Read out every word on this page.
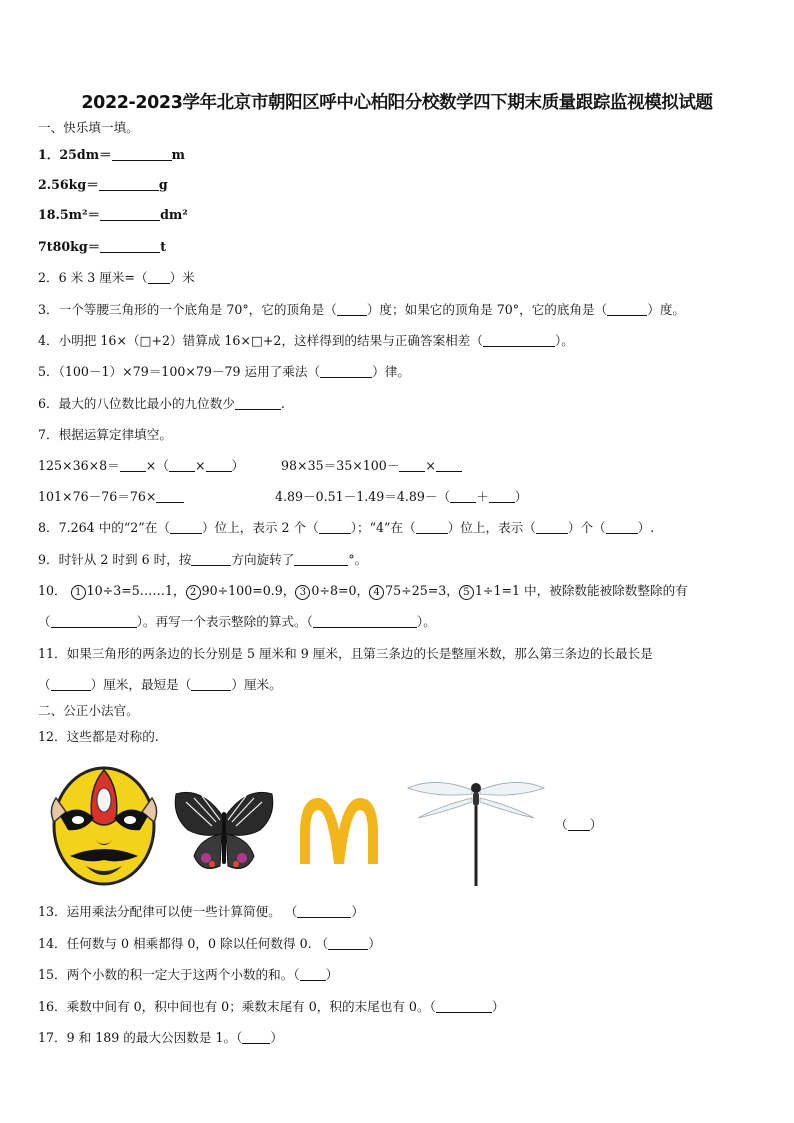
2022-2023学年北京市朝阳区呼中心柏阳分校数学四下期末质量跟踪监视模拟试题
一、快乐填一填。
1．25dm＝	m
2.56kg＝	g
18.5m²＝	dm²
7t80kg＝	t
2．6 米 3 厘米=（ ）米
3．一个等腰三角形的一个底角是 70°，它的顶角是（ ）度；如果它的顶角是 70°，它的底角是（	）度。
4．小明把 16×（□+2）错算成 16×□+2，这样得到的结果与正确答案相差（	）。
5．（100－1）×79＝100×79－79 运用了乘法（	）律。
6．最大的八位数比最小的九位数少	.
7．根据运算定律填空。
125×36×8＝ ×（ × ）	98×35＝35×100－ ×
101×76－76＝76×	4.89－0.51－1.49＝4.89－（ ＋ ）
8．7.264 中的“2”在（	）位上，表示 2 个（	）；“4”在（	）位上，表示（	）个（	）.
9．时针从 2 时到 6 时，按	方向旋转了	°。
10． 1 10÷3=5……1， 2 90÷100=0.9， 3 0÷8=0， 4 75÷25=3， 5 1÷1=1 中，被除数能被除数整除的有
（	）。再写一个表示整除的算式。（	）。
11．如果三角形的两条边的长分别是 5 厘米和 9 厘米，且第三条边的长是整厘米数，那么第三条边的长最长是
（	）厘米，最短是（	）厘米。
二、公正小法官。
12．这些都是对称的.
（ ）
13．运用乘法分配律可以使一些计算简便。 （	）
14．任何数与 0 相乘都得 0，0 除以任何数得 0. （	）
15．两个小数的积一定大于这两个小数的和。（ ）
16．乘数中间有 0，积中间也有 0；乘数末尾有 0，积的末尾也有 0。（	）
17．9 和 189 的最大公因数是 1。（ ）
